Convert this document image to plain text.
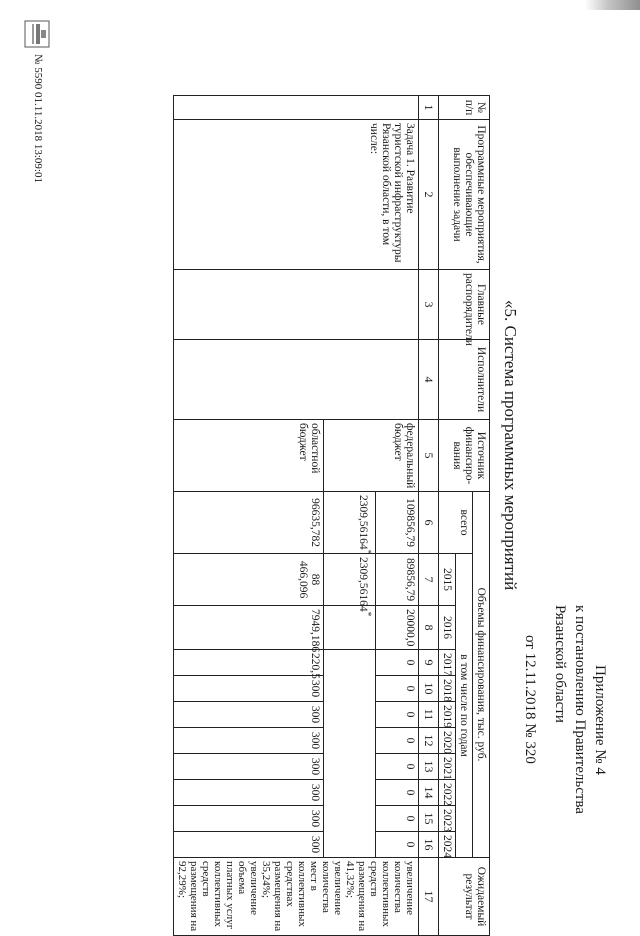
Приложение № 4
к постановлению Правительства
Рязанской области
от 12.11.2018 № 320
«5. Система программных мероприятий
№ п/п	Программные мероприятия, обеспечивающие выполнение задачи	Главные распорядители	Исполнители	Источник финансиро-вания	Объемы финансирования, тыс. руб.											Ожидаемый результат
					всего	в том числе по годам										
						2015	2016	2017	2018	2019	2020	2021	2022	2023	2024	
1	2	3	4	5	6	7	8	9	10	11	12	13	14	15	16	17
	Задача 1. Развитие туристской инфраструктуры Рязанской области, в том числе:			федеральный бюджет	109856,79	89856,79	20000,0	0	0	0	0	0	0	0	0	увеличение количества коллективных средств размещения на 41,32%; увеличение количества мест в коллективных средствах размещения на 35,24%; увеличение объема платных услуг коллективных средств размещения на 92,29%;
					2309,56164*	2309,56164*		
				областной бюджет	96635,782	88 466,096	7949,186	220,5	300	300	300	300	300	300	300	
№ 5590 01.11.2018 13:09:01
